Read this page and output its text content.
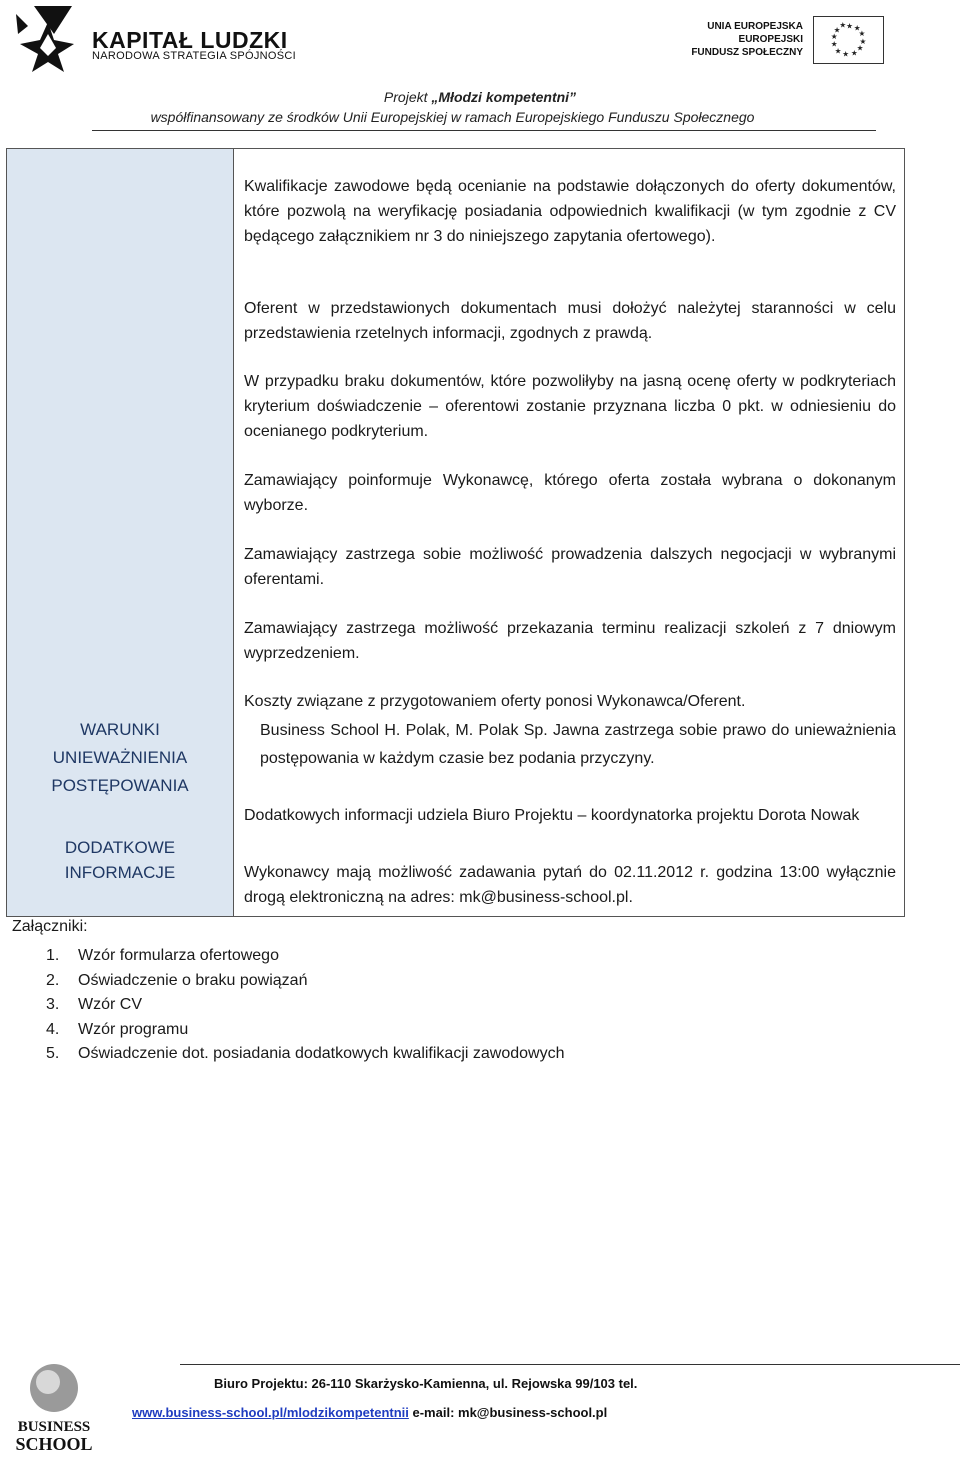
KAPITAŁ LUDZKI
NARODOWA STRATEGIA SPÓJNOŚCI
UNIA EUROPEJSKA
EUROPEJSKI
FUNDUSZ SPOŁECZNY
★ ★
★
★
★
★
★
★
★
★
★
★
Projekt „Młodzi kompetentni”
współfinansowany ze środków Unii Europejskiej w ramach Europejskiego Funduszu Społecznego
WARUNKI
UNIEWAŻNIENIA
POSTĘPOWANIA
DODATKOWE
INFORMACJE
Kwalifikacje zawodowe będą ocenianie na podstawie dołączonych do oferty dokumentów, które pozwolą na weryfikację posiadania odpowiednich kwalifikacji (w tym zgodnie z CV będącego załącznikiem nr 3 do niniejszego zapytania ofertowego).
Oferent w przedstawionych dokumentach musi dołożyć należytej staranności w celu przedstawienia rzetelnych informacji, zgodnych z prawdą.
W przypadku braku dokumentów, które pozwoliłyby na jasną ocenę oferty w podkryteriach kryterium doświadczenie – oferentowi zostanie przyznana liczba 0 pkt. w odniesieniu do ocenianego podkryterium.
Zamawiający poinformuje Wykonawcę, którego oferta została wybrana o dokonanym wyborze.
Zamawiający zastrzega sobie możliwość prowadzenia dalszych negocjacji w wybranymi oferentami.
Zamawiający zastrzega możliwość przekazania terminu realizacji szkoleń z 7 dniowym wyprzedzeniem.
Koszty związane z przygotowaniem oferty ponosi Wykonawca/Oferent.
Business School H. Polak, M. Polak Sp. Jawna zastrzega sobie prawo do unieważnienia postępowania w każdym czasie bez podania przyczyny.
Dodatkowych informacji udziela Biuro Projektu – koordynatorka projektu Dorota Nowak
Wykonawcy mają możliwość zadawania pytań do 02.11.2012 r. godzina 13:00 wyłącznie drogą elektroniczną na adres: mk@business-school.pl.
Załączniki:
1.	Wzór formularza ofertowego
2.	Oświadczenie o braku powiązań
3.	Wzór CV
4.	Wzór programu
5.	Oświadczenie dot. posiadania dodatkowych kwalifikacji zawodowych
BUSINESS
SCHOOL
Biuro Projektu: 26-110 Skarżysko-Kamienna, ul. Rejowska 99/103 tel.
www.business-school.pl/mlodzikompetentnii e-mail: mk@business-school.pl
